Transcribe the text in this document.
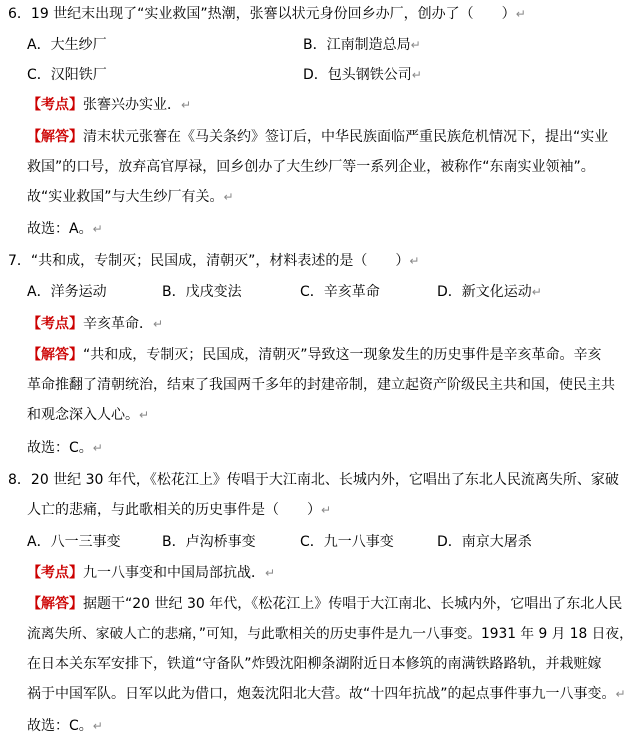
6．19 世纪末出现了“实业救国”热潮，张謇以状元身份回乡办厂，创办了（　　）↵
A．大生纱厂	B．江南制造总局↵
C．汉阳铁厂	D．包头钢铁公司↵
【考点】张謇兴办实业．↵
【解答】清末状元张謇在《马关条约》签订后，中华民族面临严重民族危机情况下，提出“实业
救国”的口号，放弃高官厚禄，回乡创办了大生纱厂等一系列企业，被称作“东南实业领袖”。
故“实业救国”与大生纱厂有关。↵
故选：A。↵
7．“共和成，专制灭；民国成，清朝灭”，材料表述的是（　　）↵
A．洋务运动	B．戊戌变法	C．辛亥革命	D．新文化运动↵
【考点】辛亥革命．↵
【解答】“共和成，专制灭；民国成，清朝灭”导致这一现象发生的历史事件是辛亥革命。辛亥
革命推翻了清朝统治，结束了我国两千多年的封建帝制，建立起资产阶级民主共和国，使民主共
和观念深入人心。↵
故选：C。↵
8．20 世纪 30 年代，《松花江上》传唱于大江南北、长城内外，它唱出了东北人民流离失所、家破
人亡的悲痛，与此歌相关的历史事件是（　　）↵
A．八一三事变	B．卢沟桥事变	C．九一八事变	D．南京大屠杀
【考点】九一八事变和中国局部抗战．↵
【解答】据题干“20 世纪 30 年代，《松花江上》传唱于大江南北、长城内外，它唱出了东北人民
流离失所、家破人亡的悲痛，”可知，与此歌相关的历史事件是九一八事变。1931 年 9 月 18 日夜，
在日本关东军安排下，铁道“守备队”炸毁沈阳柳条湖附近日本修筑的南满铁路路轨，并栽赃嫁
祸于中国军队。日军以此为借口，炮轰沈阳北大营。故“十四年抗战”的起点事件事九一八事变。↵
故选：C。↵
